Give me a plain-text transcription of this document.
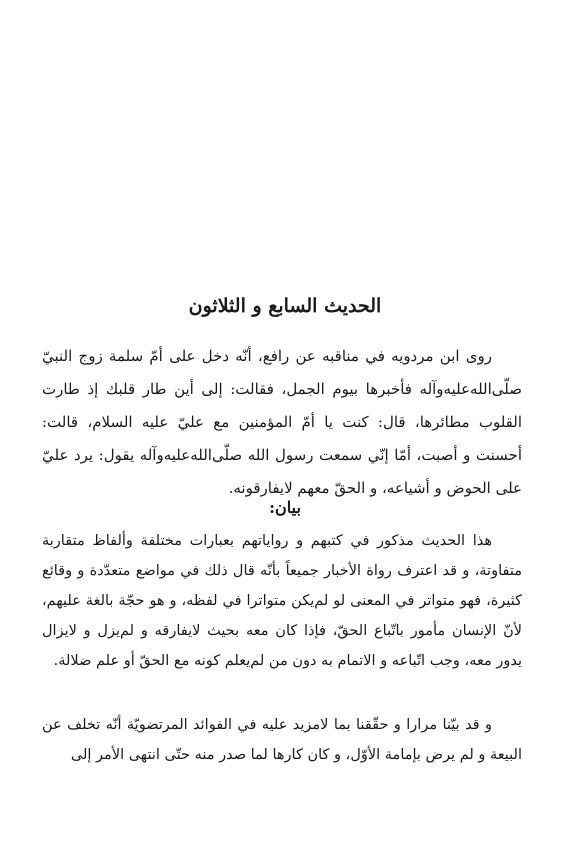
الحديث السابع و الثلاثون

روى ابن مردويه في مناقبه عن رافع، أنّه دخل على أمّ سلمة زوج النبيّ صلّى‌الله‌عليه‌وآله فأخبرها بيوم الجمل، فقالت: إلى أين طار قلبك إذ طارت القلوب مطائرها، قال: كنت يا أمّ المؤمنين مع عليّ عليه السلام، قالت: أحسنت و أصبت، أمّا إنّي سمعت رسول الله صلّى‌الله‌عليه‌وآله يقول: يرد عليّ على الحوض و أشياعه، و الحقّ معهم لايفارقونه.

بيان:

هذا الحديث مذكور في كتبهم و رواياتهم بعبارات مختلفة وألفاظ متقاربة متفاوتة، و قد اعترف رواة الأخبار جميعاً بأنّه قال ذلك في مواضع متعدّدة و وقائع كثيرة، فهو متواتر في المعنى لو لم‌يكن متواترا في لفظه، و هو حجّة بالغة عليهم، لأنّ الإنسان مأمور باتّباع الحقّ، فإذا كان معه بحيث لايفارقه و لم‌يزل و لايزال يدور معه، وجب اتّباعه و الاتمام به دون من لم‌يعلم كونه مع الحقّ أو علم ضلالة.

و قد بيّنا مرارا و حقّقنا بما لامزيد عليه في الفوائد المرتضويّة أنّه تخلف عن البيعة و لم يرض بإمامة الأوّل، و كان كارها لما صدر منه حتّى انتهى الأمر إلى
